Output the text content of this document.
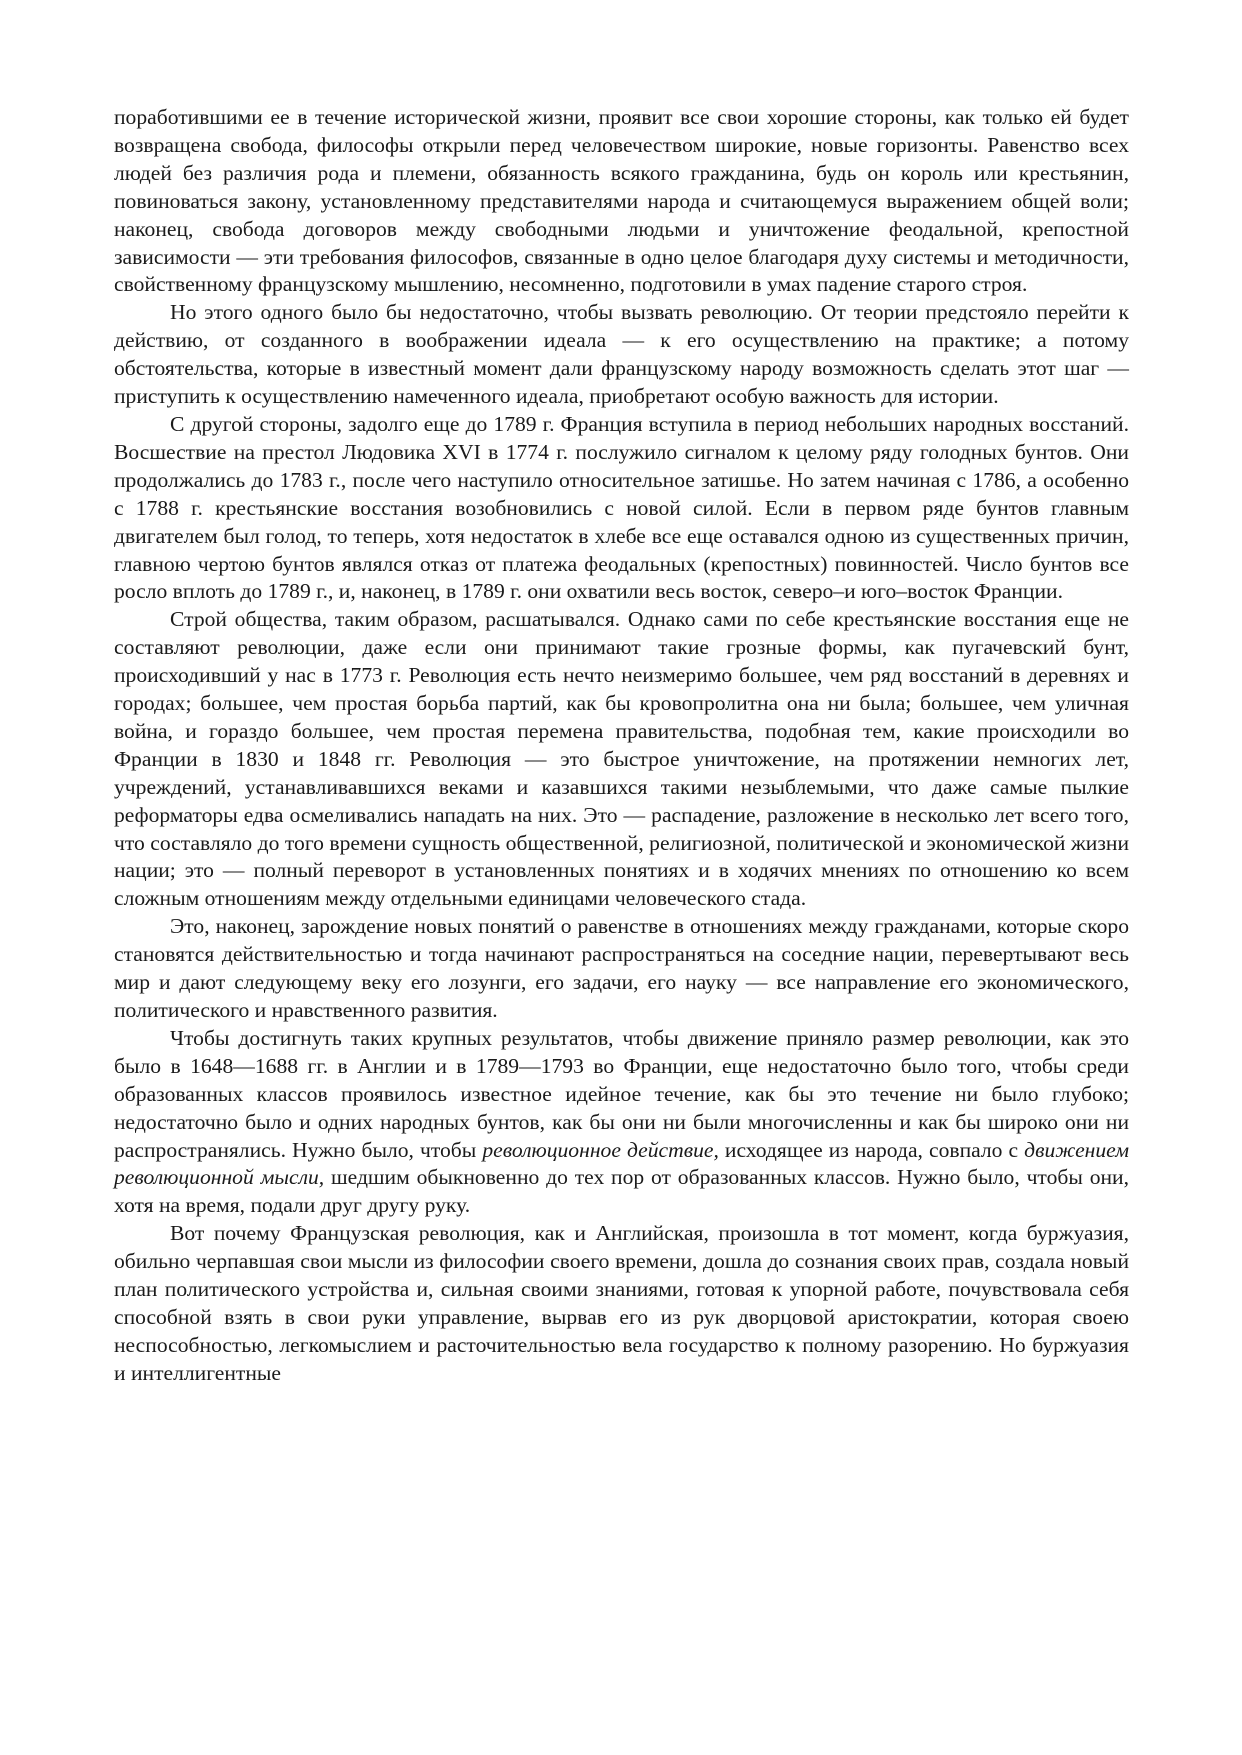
поработившими ее в течение исторической жизни, проявит все свои хорошие стороны, как только ей будет возвращена свобода, философы открыли перед человечеством широкие, новые горизонты. Равенство всех людей без различия рода и племени, обязанность всякого гражданина, будь он король или крестьянин, повиноваться закону, установленному представителями народа и считающемуся выражением общей воли; наконец, свобода договоров между свободными людьми и уничтожение феодальной, крепостной зависимости — эти требования философов, связанные в одно целое благодаря духу системы и методичности, свойственному французскому мышлению, несомненно, подготовили в умах падение старого строя.

Но этого одного было бы недостаточно, чтобы вызвать революцию. От теории предстояло перейти к действию, от созданного в воображении идеала — к его осуществлению на практике; а потому обстоятельства, которые в известный момент дали французскому народу возможность сделать этот шаг — приступить к осуществлению намеченного идеала, приобретают особую важность для истории.

С другой стороны, задолго еще до 1789 г. Франция вступила в период небольших народных восстаний. Восшествие на престол Людовика XVI в 1774 г. послужило сигналом к целому ряду голодных бунтов. Они продолжались до 1783 г., после чего наступило относительное затишье. Но затем начиная с 1786, а особенно с 1788 г. крестьянские восстания возобновились с новой силой. Если в первом ряде бунтов главным двигателем был голод, то теперь, хотя недостаток в хлебе все еще оставался одною из существенных причин, главною чертою бунтов являлся отказ от платежа феодальных (крепостных) повинностей. Число бунтов все росло вплоть до 1789 г., и, наконец, в 1789 г. они охватили весь восток, северо–и юго–восток Франции.

Строй общества, таким образом, расшатывался. Однако сами по себе крестьянские восстания еще не составляют революции, даже если они принимают такие грозные формы, как пугачевский бунт, происходивший у нас в 1773 г. Революция есть нечто неизмеримо большее, чем ряд восстаний в деревнях и городах; большее, чем простая борьба партий, как бы кровопролитна она ни была; большее, чем уличная война, и гораздо большее, чем простая перемена правительства, подобная тем, какие происходили во Франции в 1830 и 1848 гг. Революция — это быстрое уничтожение, на протяжении немногих лет, учреждений, устанавливавшихся веками и казавшихся такими незыблемыми, что даже самые пылкие реформаторы едва осмеливались нападать на них. Это — распадение, разложение в несколько лет всего того, что составляло до того времени сущность общественной, религиозной, политической и экономической жизни нации; это — полный переворот в установленных понятиях и в ходячих мнениях по отношению ко всем сложным отношениям между отдельными единицами человеческого стада.

Это, наконец, зарождение новых понятий о равенстве в отношениях между гражданами, которые скоро становятся действительностью и тогда начинают распространяться на соседние нации, перевертывают весь мир и дают следующему веку его лозунги, его задачи, его науку — все направление его экономического, политического и нравственного развития.

Чтобы достигнуть таких крупных результатов, чтобы движение приняло размер революции, как это было в 1648—1688 гг. в Англии и в 1789—1793 во Франции, еще недостаточно было того, чтобы среди образованных классов проявилось известное идейное течение, как бы это течение ни было глубоко; недостаточно было и одних народных бунтов, как бы они ни были многочисленны и как бы широко они ни распространялись. Нужно было, чтобы революционное действие, исходящее из народа, совпало с движением революционной мысли, шедшим обыкновенно до тех пор от образованных классов. Нужно было, чтобы они, хотя на время, подали друг другу руку.

Вот почему Французская революция, как и Английская, произошла в тот момент, когда буржуазия, обильно черпавшая свои мысли из философии своего времени, дошла до сознания своих прав, создала новый план политического устройства и, сильная своими знаниями, готовая к упорной работе, почувствовала себя способной взять в свои руки управление, вырвав его из рук дворцовой аристократии, которая своею неспособностью, легкомыслием и расточительностью вела государство к полному разорению. Но буржуазия и интеллигентные
